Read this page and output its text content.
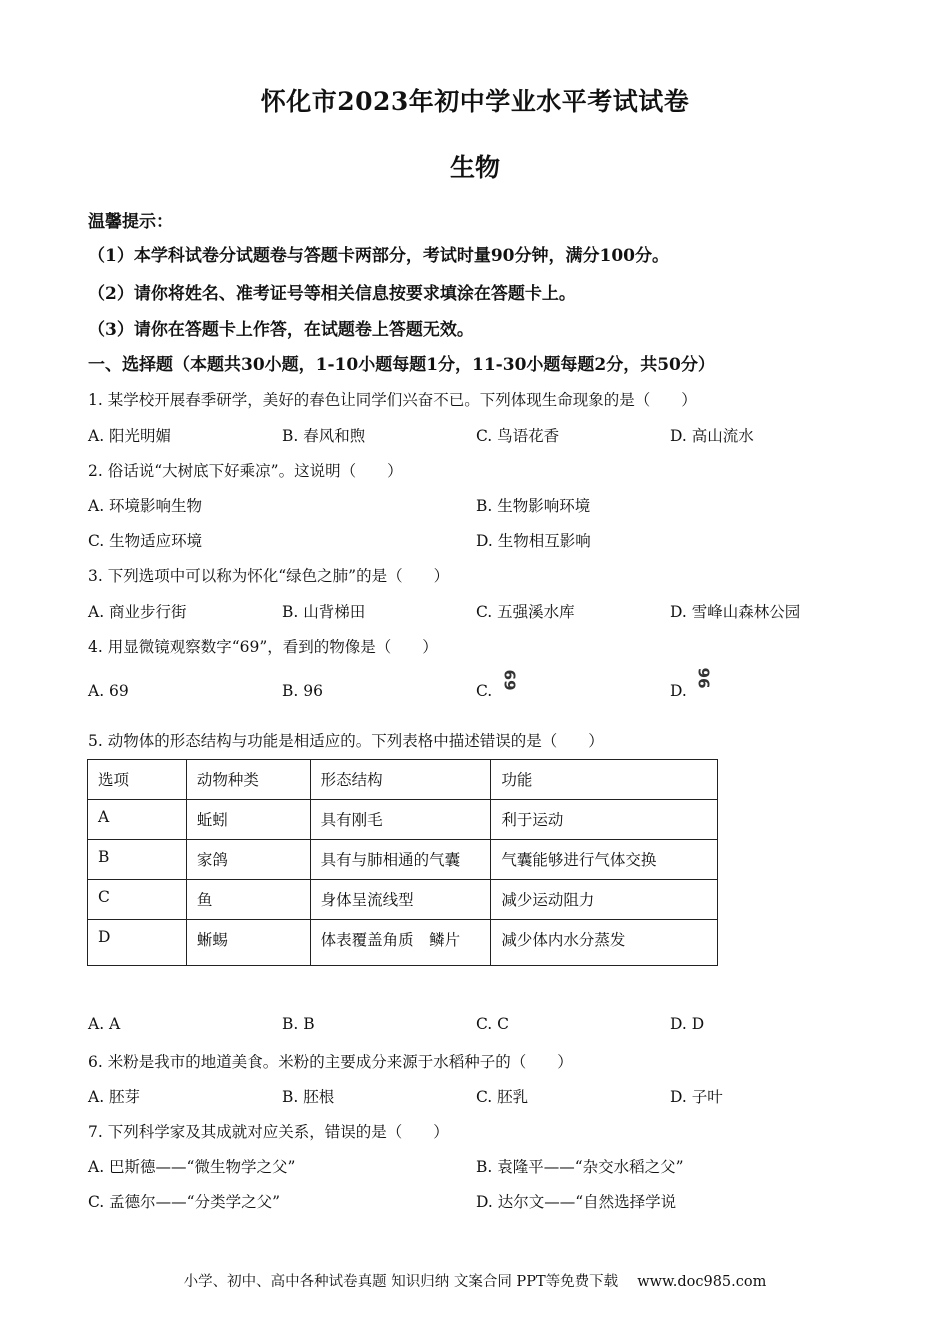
怀化市2023年初中学业水平考试试卷
生物
温馨提示：
（1）本学科试卷分试题卷与答题卡两部分，考试时量90分钟，满分100分。
（2）请你将姓名、准考证号等相关信息按要求填涂在答题卡上。
（3）请你在答题卡上作答，在试题卷上答题无效。
一、选择题（本题共30小题，1-10小题每题1分，11-30小题每题2分，共50分）
1. 某学校开展春季研学，美好的春色让同学们兴奋不已。下列体现生命现象的是（　　）
A. 阳光明媚	B. 春风和煦	C. 鸟语花香	D. 高山流水
2. 俗话说“大树底下好乘凉”。这说明（　　）
A. 环境影响生物	B. 生物影响环境
C. 生物适应环境	D. 生物相互影响
3. 下列选项中可以称为怀化“绿色之肺”的是（　　）
A. 商业步行街	B. 山背梯田	C. 五强溪水库	D. 雪峰山森林公园
4. 用显微镜观察数字“69”，看到的物像是（　　）
A. 69	B. 96	C.
69
D.
96
5. 动物体的形态结构与功能是相适应的。下列表格中描述错误的是（　　）
选项	动物种类	形态结构	功能
A	蚯蚓	具有刚毛	利于运动
B	家鸽	具有与肺相通的气囊	气囊能够进行气体交换
C	鱼	身体呈流线型	减少运动阻力
D	蜥蜴	体表覆盖角质　鳞片	减少体内水分蒸发
A. A	B. B	C. C	D. D
6. 米粉是我市的地道美食。米粉的主要成分来源于水稻种子的（　　）
A. 胚芽	B. 胚根	C. 胚乳	D. 子叶
7. 下列科学家及其成就对应关系，错误的是（　　）
A. 巴斯德——“微生物学之父”	B. 袁隆平——“杂交水稻之父”
C. 孟德尔——“分类学之父”	D. 达尔文——“自然选择学说
小学、初中、高中各种试卷真题 知识归纳 文案合同 PPT等免费下载　 www.doc985.com
